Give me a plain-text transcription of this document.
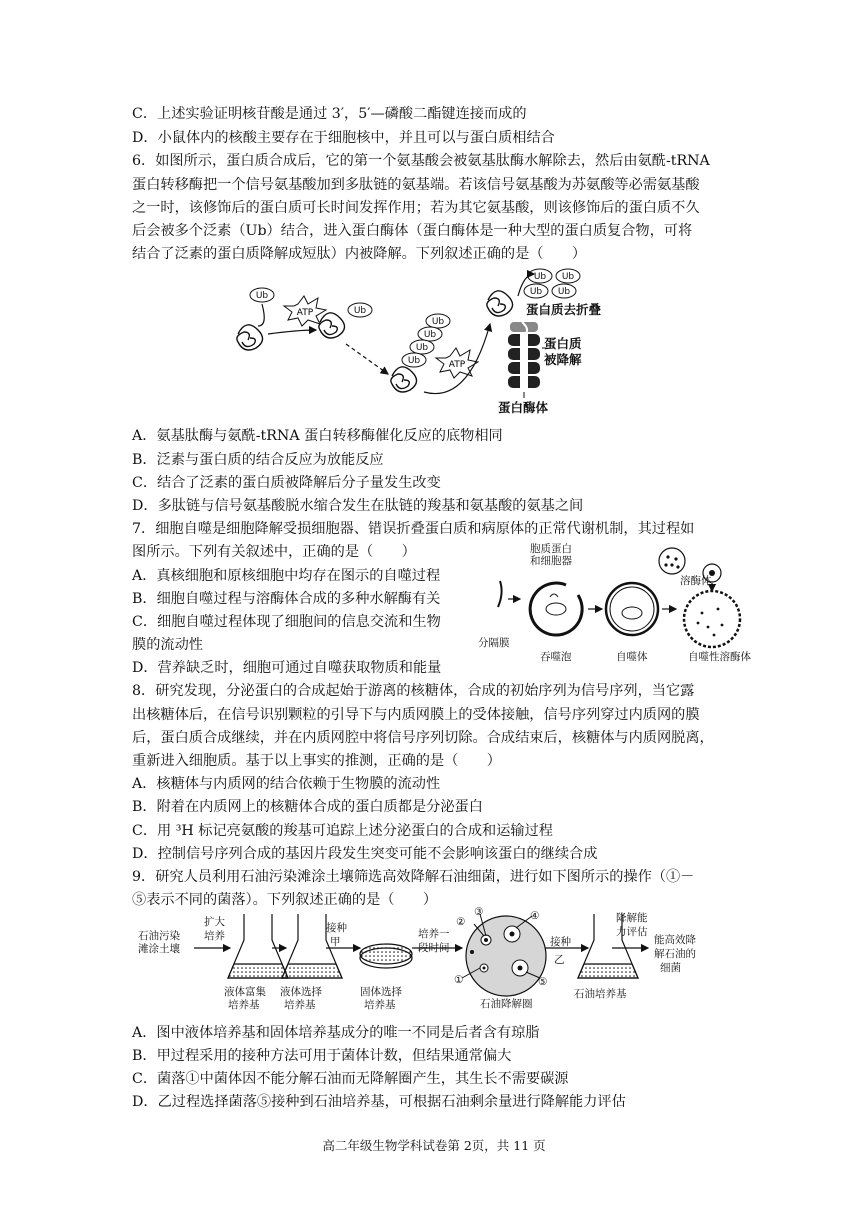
C．上述实验证明核苷酸是通过 3′，5′—磷酸二酯键连接而成的
D．小鼠体内的核酸主要存在于细胞核中，并且可以与蛋白质相结合
6．如图所示，蛋白质合成后，它的第一个氨基酸会被氨基肽酶水解除去，然后由氨酰-tRNA
蛋白转移酶把一个信号氨基酸加到多肽链的氨基端。若该信号氨基酸为苏氨酸等必需氨基酸
之一时，该修饰后的蛋白质可长时间发挥作用；若为其它氨基酸，则该修饰后的蛋白质不久
后会被多个泛素（Ub）结合，进入蛋白酶体（蛋白酶体是一种大型的蛋白质复合物，可将
结合了泛素的蛋白质降解成短肽）内被降解。下列叙述正确的是（　　）
Ub
Ub
Ub
Ub
Ub
Ub
Ub Ub
Ub Ub
ATP
ATP
蛋白质去折叠
蛋白质
被降解
蛋白酶体
A．氨基肽酶与氨酰-tRNA 蛋白转移酶催化反应的底物相同
B．泛素与蛋白质的结合反应为放能反应
C．结合了泛素的蛋白质被降解后分子量发生改变
D．多肽链与信号氨基酸脱水缩合发生在肽链的羧基和氨基酸的氨基之间
7．细胞自噬是细胞降解受损细胞器、错误折叠蛋白质和病原体的正常代谢机制，其过程如
图所示。下列有关叙述中，正确的是（　　）
A．真核细胞和原核细胞中均存在图示的自噬过程
B．细胞自噬过程与溶酶体合成的多种水解酶有关
C．细胞自噬过程体现了细胞间的信息交流和生物
膜的流动性
D．营养缺乏时，细胞可通过自噬获取物质和能量
胞质蛋白
和细胞器
溶酶体
分隔膜
吞噬泡	自噬体	自噬性溶酶体
8．研究发现，分泌蛋白的合成起始于游离的核糖体，合成的初始序列为信号序列，当它露
出核糖体后，在信号识别颗粒的引导下与内质网膜上的受体接触，信号序列穿过内质网的膜
后，蛋白质合成继续，并在内质网腔中将信号序列切除。合成结束后，核糖体与内质网脱离，
重新进入细胞质。基于以上事实的推测，正确的是（　　）
A．核糖体与内质网的结合依赖于生物膜的流动性
B．附着在内质网上的核糖体合成的蛋白质都是分泌蛋白
C．用 ³H 标记亮氨酸的羧基可追踪上述分泌蛋白的合成和运输过程
D．控制信号序列合成的基因片段发生突变可能不会影响该蛋白的继续合成
9．研究人员利用石油污染滩涂土壤筛选高效降解石油细菌，进行如下图所示的操作（①－
⑤表示不同的菌落）。下列叙述正确的是（　　）
石油污染
滩涂土壤
扩大
培养
液体富集
培养基
液体选择
培养基
接种
甲
固体选择
培养基
培养一
段时间
①
②
③	④
⑤
石油降解圈
接种
乙
石油培养基
降解能
力评估
能高效降
解石油的
细菌
A．图中液体培养基和固体培养基成分的唯一不同是后者含有琼脂
B．甲过程采用的接种方法可用于菌体计数，但结果通常偏大
C．菌落①中菌体因不能分解石油而无降解圈产生，其生长不需要碳源
D．乙过程选择菌落⑤接种到石油培养基，可根据石油剩余量进行降解能力评估
高二年级生物学科试卷第 2页，共 11 页
